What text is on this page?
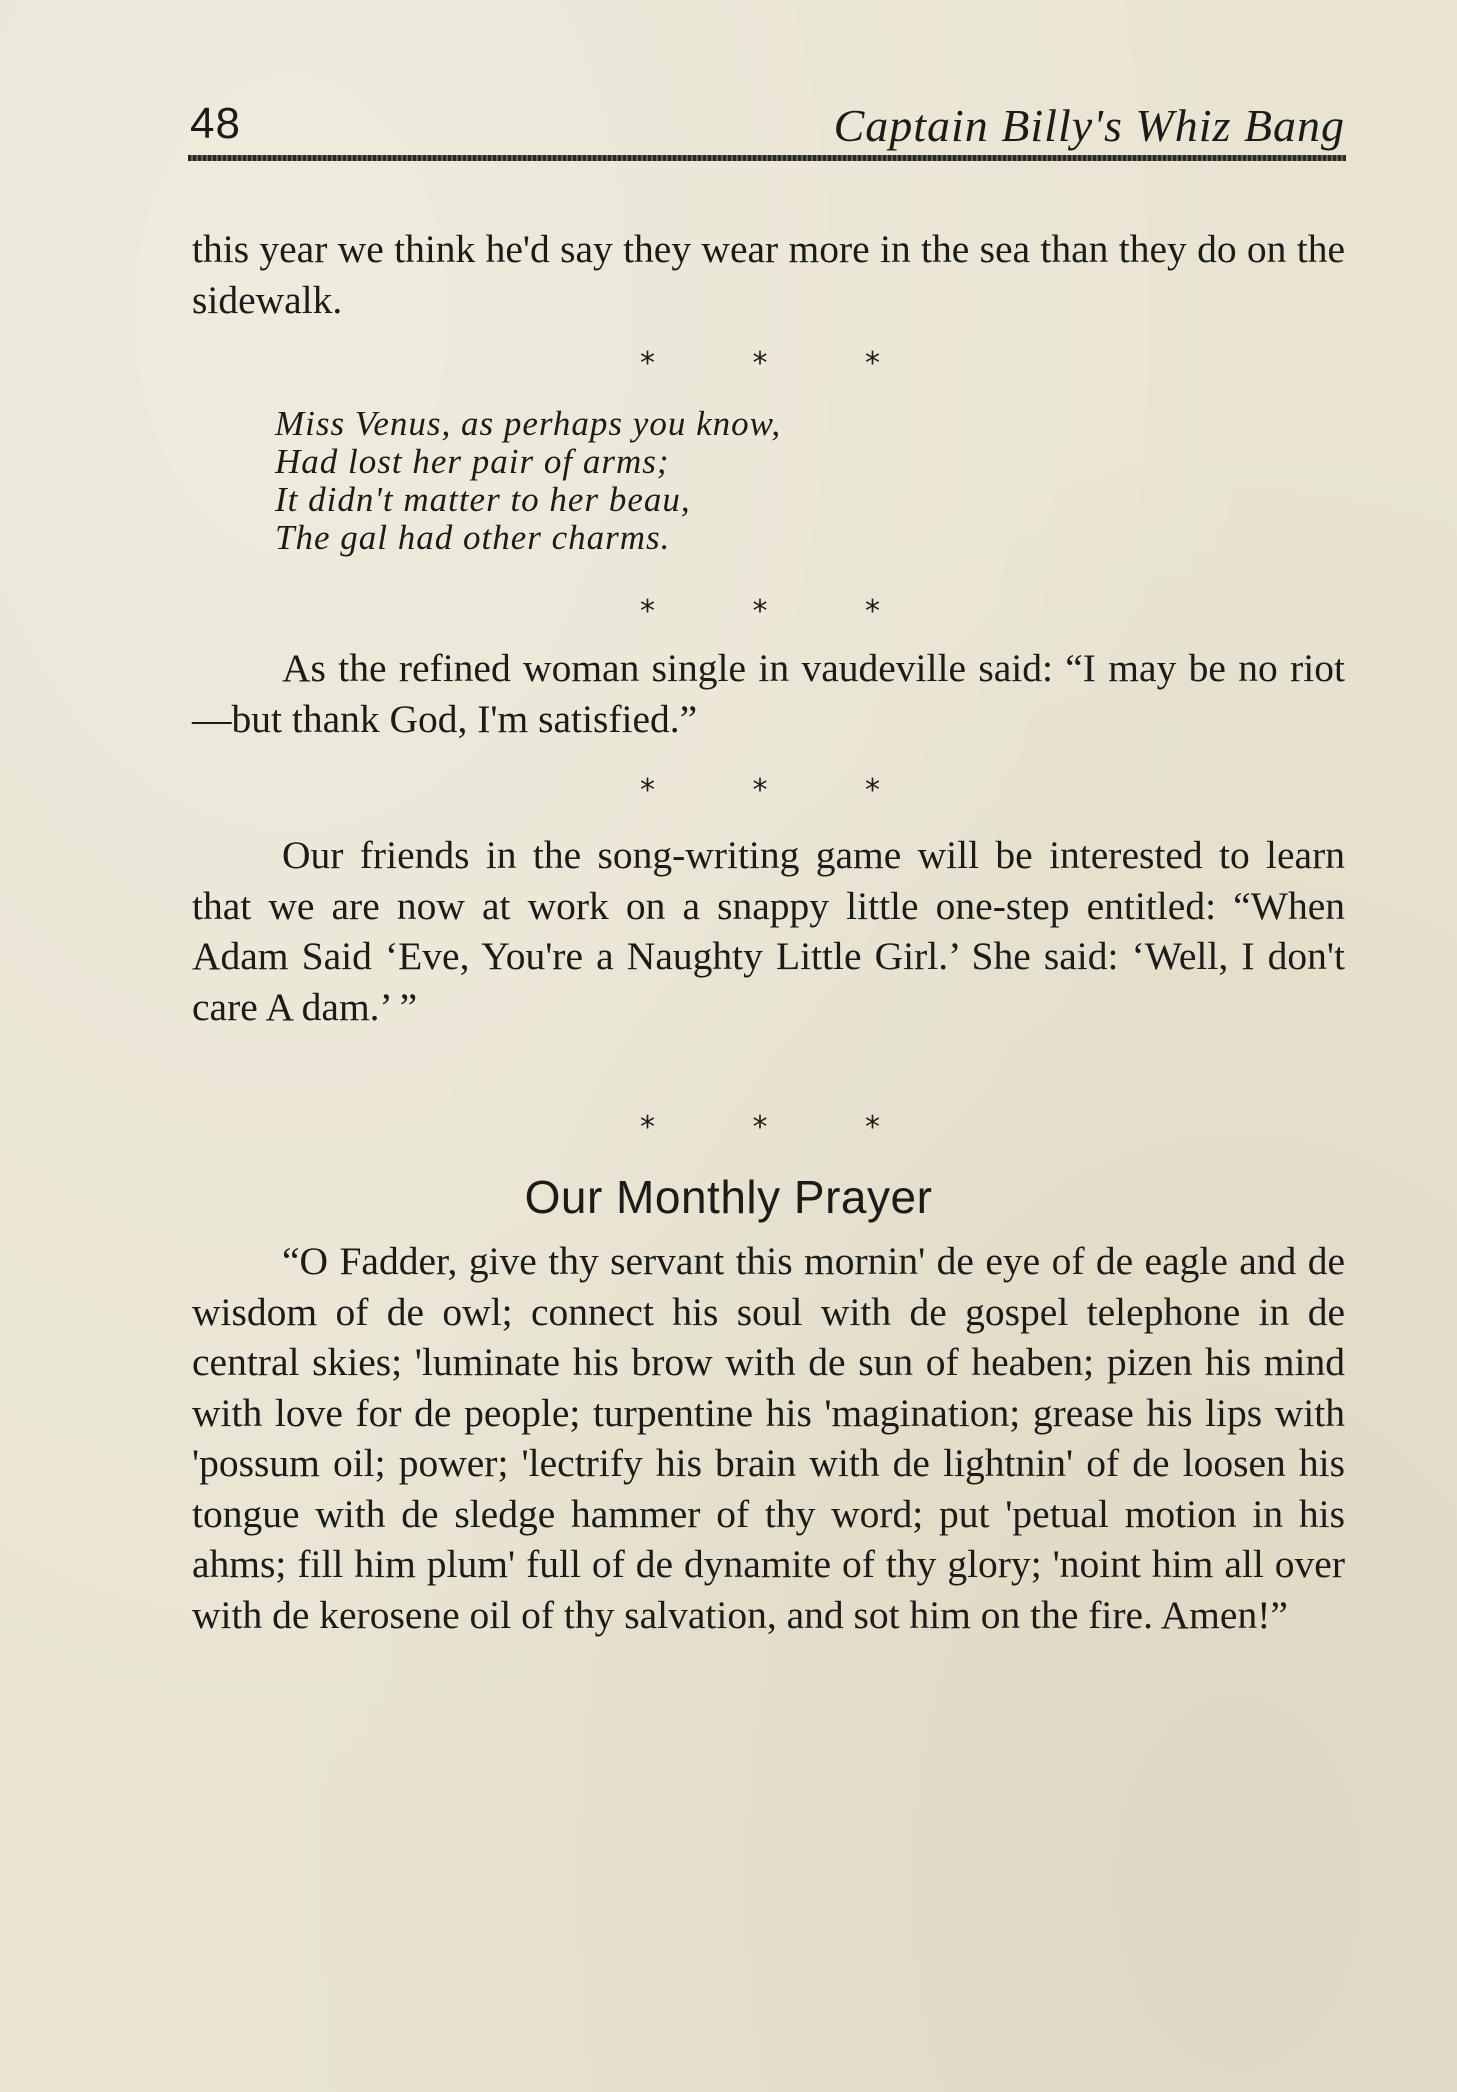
48	Captain Billy's Whiz Bang

this year we think he'd say they wear more in the sea than they do on the sidewalk.

*	*	*
Miss Venus, as perhaps you know,
Had lost her pair of arms;
It didn't matter to her beau,
The gal had other charms.
*	*	*

As the refined woman single in vaudeville said: “I may be no riot—but thank God, I'm satisfied.”

*	*	*

Our friends in the song-writing game will be interested to learn that we are now at work on a snappy little one-step entitled: “When Adam Said ‘Eve, You're a Naughty Little Girl.’ She said: ‘Well, I don't care A dam.’ ”

*	*	*
Our Monthly Prayer

“O Fadder, give thy servant this mornin' de eye of de eagle and de wisdom of de owl; connect his soul with de gospel telephone in de central skies; 'luminate his brow with de sun of heaben; pizen his mind with love for de people; turpentine his 'magination; grease his lips with 'possum oil; power; 'lectrify his brain with de lightnin' of de loosen his tongue with de sledge hammer of thy word; put 'petual motion in his ahms; fill him plum' full of de dynamite of thy glory; 'noint him all over with de kerosene oil of thy salvation, and sot him on the fire. Amen!”
